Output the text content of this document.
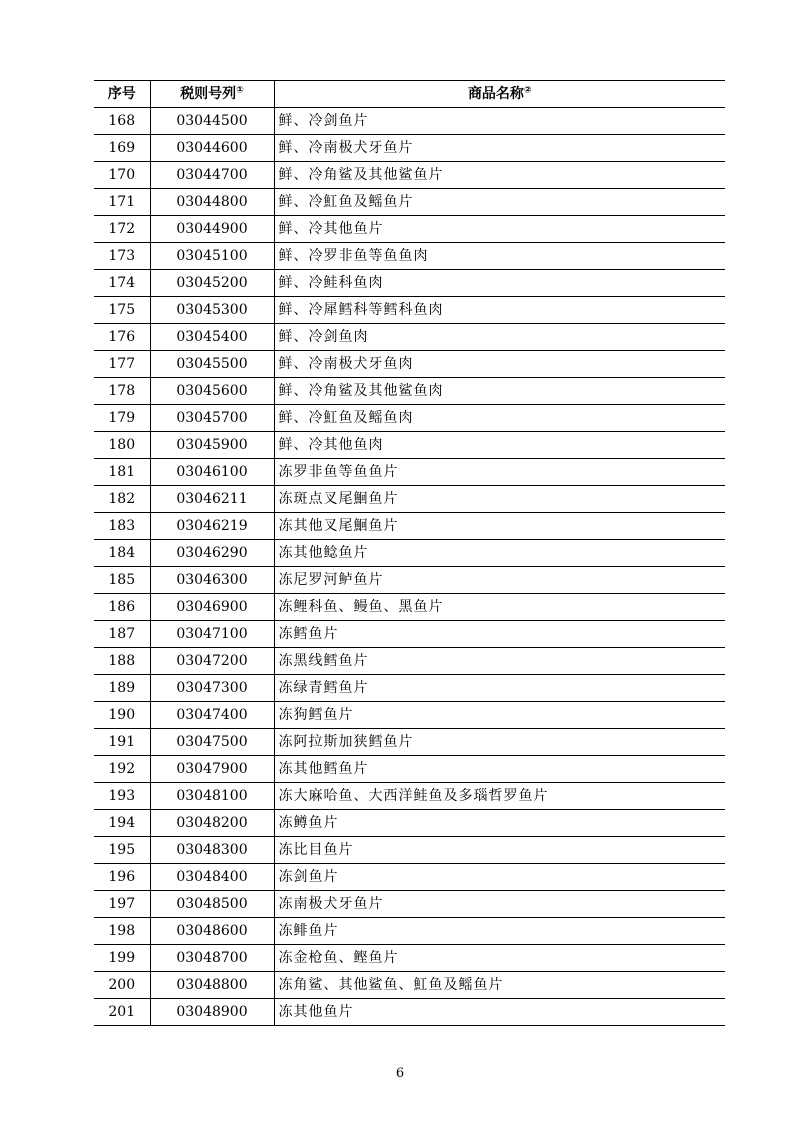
序号	税则号列①	商品名称②
168	03044500	鲜、冷剑鱼片
169	03044600	鲜、冷南极犬牙鱼片
170	03044700	鲜、冷角鲨及其他鲨鱼片
171	03044800	鲜、冷魟鱼及鳐鱼片
172	03044900	鲜、冷其他鱼片
173	03045100	鲜、冷罗非鱼等鱼鱼肉
174	03045200	鲜、冷鲑科鱼肉
175	03045300	鲜、冷犀鳕科等鳕科鱼肉
176	03045400	鲜、冷剑鱼肉
177	03045500	鲜、冷南极犬牙鱼肉
178	03045600	鲜、冷角鲨及其他鲨鱼肉
179	03045700	鲜、冷魟鱼及鳐鱼肉
180	03045900	鲜、冷其他鱼肉
181	03046100	冻罗非鱼等鱼鱼片
182	03046211	冻斑点叉尾鮰鱼片
183	03046219	冻其他叉尾鮰鱼片
184	03046290	冻其他鲶鱼片
185	03046300	冻尼罗河鲈鱼片
186	03046900	冻鲤科鱼、鳗鱼、黑鱼片
187	03047100	冻鳕鱼片
188	03047200	冻黑线鳕鱼片
189	03047300	冻绿青鳕鱼片
190	03047400	冻狗鳕鱼片
191	03047500	冻阿拉斯加狭鳕鱼片
192	03047900	冻其他鳕鱼片
193	03048100	冻大麻哈鱼、大西洋鲑鱼及多瑙哲罗鱼片
194	03048200	冻鳟鱼片
195	03048300	冻比目鱼片
196	03048400	冻剑鱼片
197	03048500	冻南极犬牙鱼片
198	03048600	冻鲱鱼片
199	03048700	冻金枪鱼、鲣鱼片
200	03048800	冻角鲨、其他鲨鱼、魟鱼及鳐鱼片
201	03048900	冻其他鱼片
6
